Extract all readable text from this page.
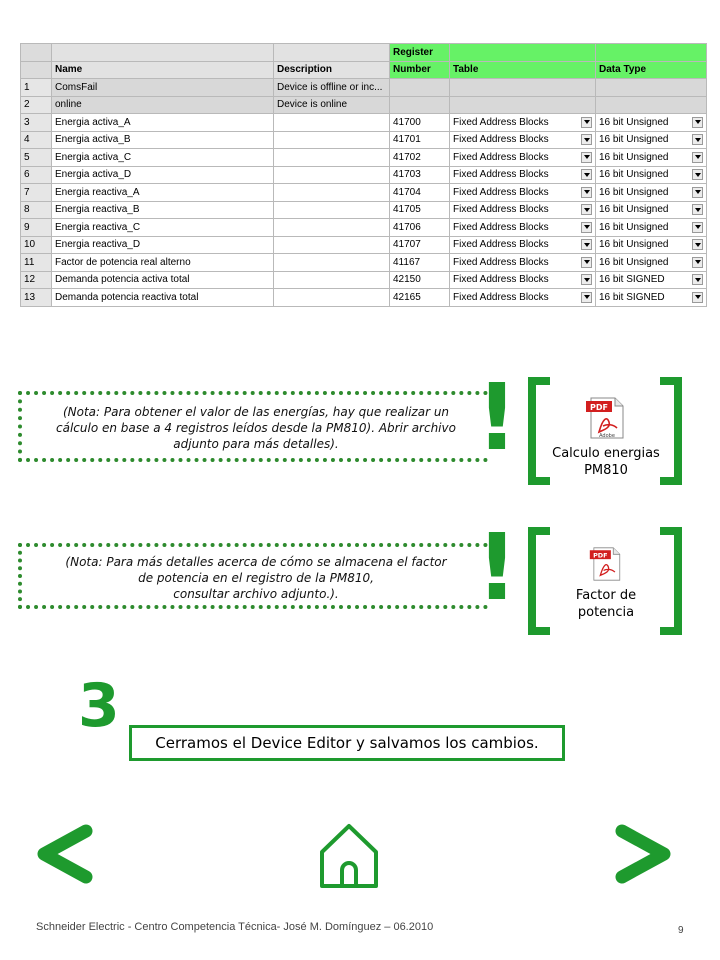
			Register		
	Name	Description	Number	Table	Data Type
1	ComsFail	Device is offline or inc...			
2	online	Device is online			
3	Energia activa_A		41700	Fixed Address Blocks	16 bit Unsigned

4	Energia activa_B		41701	Fixed Address Blocks	16 bit Unsigned

5	Energia activa_C		41702	Fixed Address Blocks	16 bit Unsigned

6	Energia activa_D		41703	Fixed Address Blocks	16 bit Unsigned

7	Energia reactiva_A		41704	Fixed Address Blocks	16 bit Unsigned

8	Energia reactiva_B		41705	Fixed Address Blocks	16 bit Unsigned

9	Energia reactiva_C		41706	Fixed Address Blocks	16 bit Unsigned

10	Energia reactiva_D		41707	Fixed Address Blocks	16 bit Unsigned

11	Factor de potencia real alterno		41167	Fixed Address Blocks	16 bit Unsigned

12	Demanda potencia activa total		42150	Fixed Address Blocks	16 bit SIGNED

13	Demanda potencia reactiva total		42165	Fixed Address Blocks	16 bit SIGNED
(Nota: Para obtener el valor de las energías, hay que realizar un
cálculo en base a 4 registros leídos desde la PM810). Abrir archivo
adjunto para más detalles).	!	PDF
Adobe
Calculo energias
PM810
(Nota: Para más detalles acerca de cómo se almacena el factor
de potencia en el registro de la PM810,
consultar archivo adjunto.).	!	PDF
Factor de
potencia
3
Cerramos el Device Editor y salvamos los cambios.
Schneider Electric - Centro Competencia Técnica- José M. Domínguez – 06.2010	9
